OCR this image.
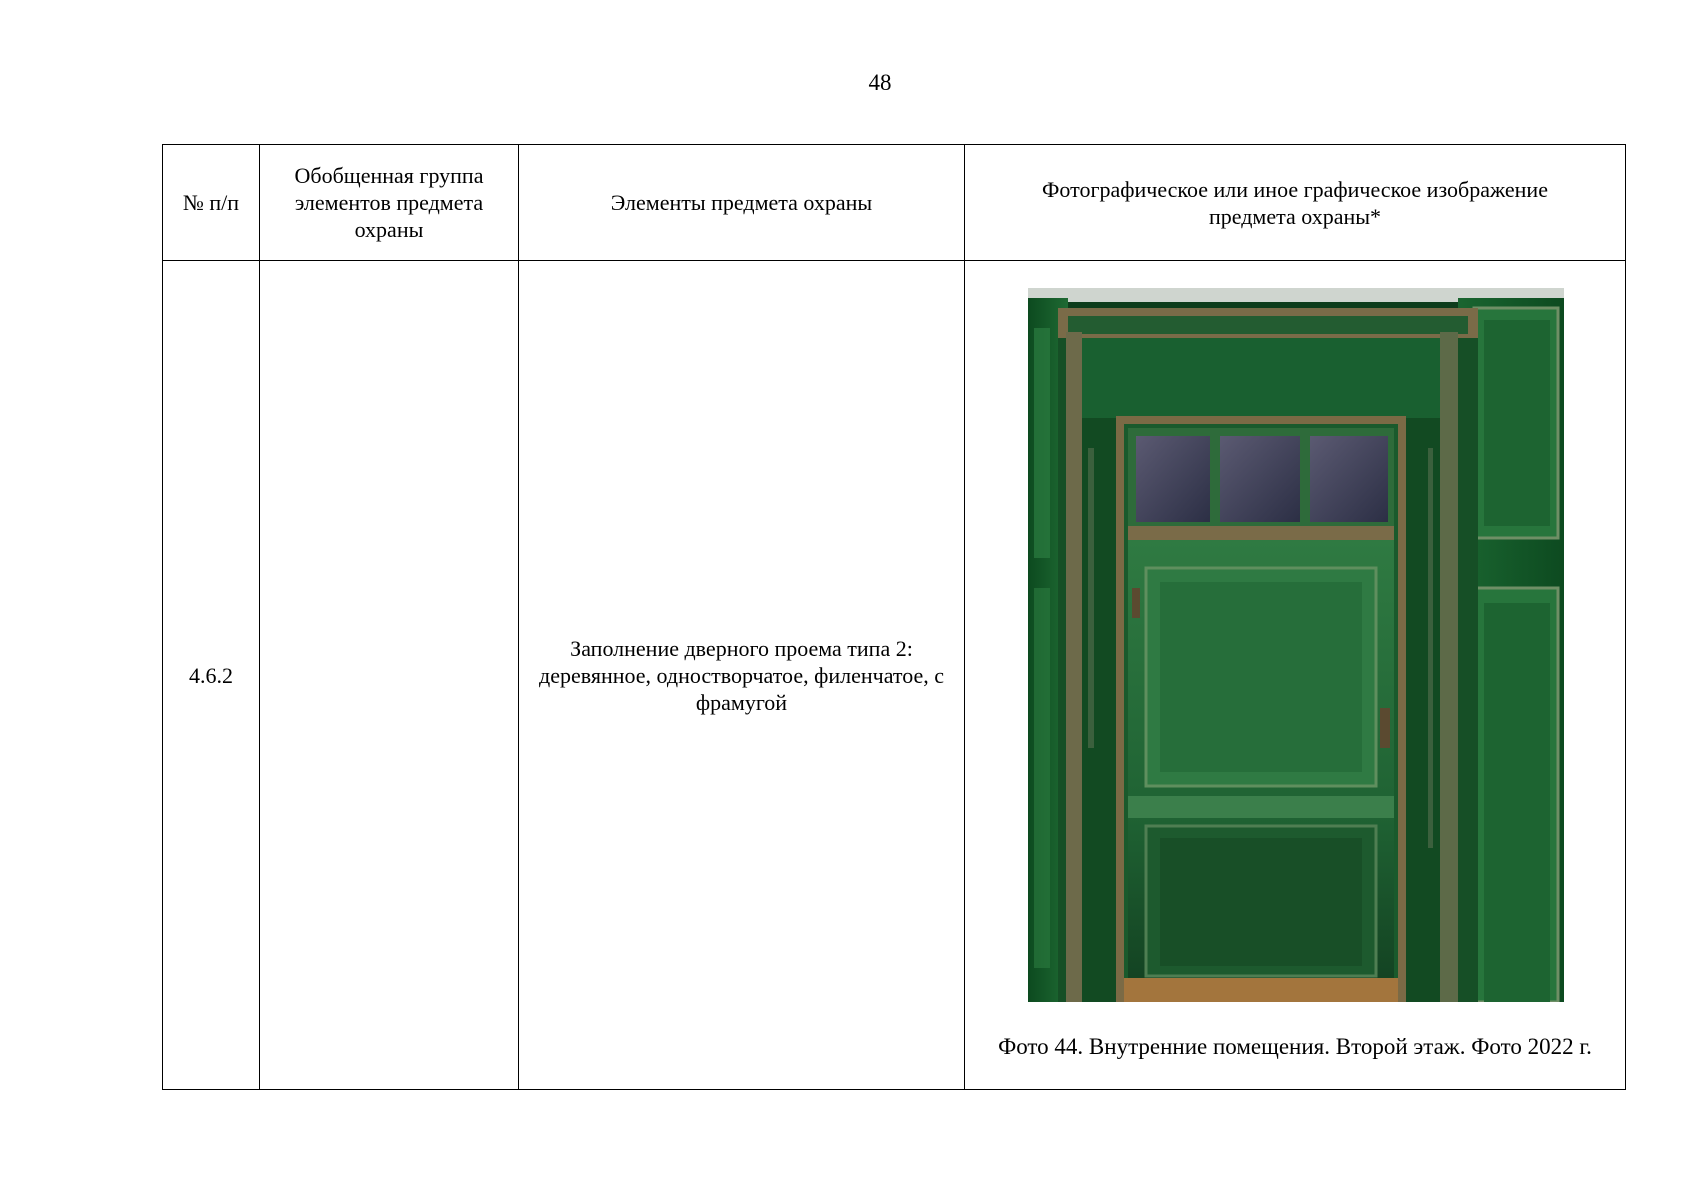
48
№ п/п	Обобщенная группа элементов предмета охраны	Элементы предмета охраны	Фотографическое или иное графическое изображение предмета охраны*

4.6.2		Заполнение дверного проема типа 2: деревянное, одностворчатое, филенчатое, с фрамугой	Фото 44. Внутренние помещения. Второй этаж. Фото 2022 г.
